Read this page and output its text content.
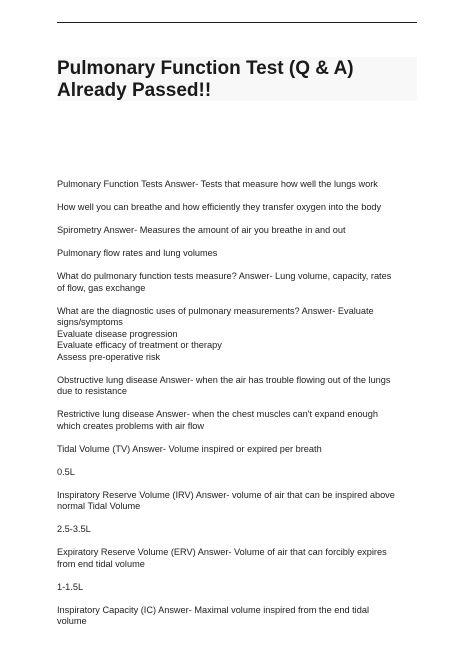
Pulmonary Function Test (Q & A)
Already Passed!!

Pulmonary Function Tests Answer- Tests that measure how well the lungs work

How well you can breathe and how efficiently they transfer oxygen into the body

Spirometry Answer- Measures the amount of air you breathe in and out

Pulmonary flow rates and lung volumes

What do pulmonary function tests measure? Answer- Lung volume, capacity, rates
of flow, gas exchange

What are the diagnostic uses of pulmonary measurements? Answer- Evaluate
signs/symptoms
Evaluate disease progression
Evaluate efficacy of treatment or therapy
Assess pre-operative risk

Obstructive lung disease Answer- when the air has trouble flowing out of the lungs
due to resistance

Restrictive lung disease Answer- when the chest muscles can't expand enough
which creates problems with air flow

Tidal Volume (TV) Answer- Volume inspired or expired per breath

0.5L

Inspiratory Reserve Volume (IRV) Answer- volume of air that can be inspired above
normal Tidal Volume

2.5-3.5L

Expiratory Reserve Volume (ERV) Answer- Volume of air that can forcibly expires
from end tidal volume

1-1.5L

Inspiratory Capacity (IC) Answer- Maximal volume inspired from the end tidal
volume
